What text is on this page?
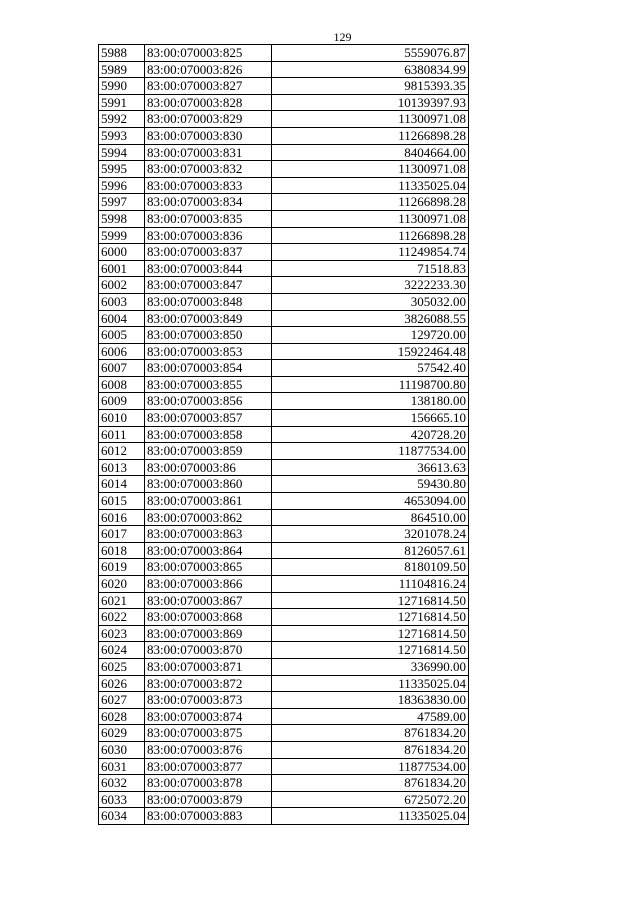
129
5988	83:00:070003:825	5559076.87
5989	83:00:070003:826	6380834.99
5990	83:00:070003:827	9815393.35
5991	83:00:070003:828	10139397.93
5992	83:00:070003:829	11300971.08
5993	83:00:070003:830	11266898.28
5994	83:00:070003:831	8404664.00
5995	83:00:070003:832	11300971.08
5996	83:00:070003:833	11335025.04
5997	83:00:070003:834	11266898.28
5998	83:00:070003:835	11300971.08
5999	83:00:070003:836	11266898.28
6000	83:00:070003:837	11249854.74
6001	83:00:070003:844	71518.83
6002	83:00:070003:847	3222233.30
6003	83:00:070003:848	305032.00
6004	83:00:070003:849	3826088.55
6005	83:00:070003:850	129720.00
6006	83:00:070003:853	15922464.48
6007	83:00:070003:854	57542.40
6008	83:00:070003:855	11198700.80
6009	83:00:070003:856	138180.00
6010	83:00:070003:857	156665.10
6011	83:00:070003:858	420728.20
6012	83:00:070003:859	11877534.00
6013	83:00:070003:86	36613.63
6014	83:00:070003:860	59430.80
6015	83:00:070003:861	4653094.00
6016	83:00:070003:862	864510.00
6017	83:00:070003:863	3201078.24
6018	83:00:070003:864	8126057.61
6019	83:00:070003:865	8180109.50
6020	83:00:070003:866	11104816.24
6021	83:00:070003:867	12716814.50
6022	83:00:070003:868	12716814.50
6023	83:00:070003:869	12716814.50
6024	83:00:070003:870	12716814.50
6025	83:00:070003:871	336990.00
6026	83:00:070003:872	11335025.04
6027	83:00:070003:873	18363830.00
6028	83:00:070003:874	47589.00
6029	83:00:070003:875	8761834.20
6030	83:00:070003:876	8761834.20
6031	83:00:070003:877	11877534.00
6032	83:00:070003:878	8761834.20
6033	83:00:070003:879	6725072.20
6034	83:00:070003:883	11335025.04
